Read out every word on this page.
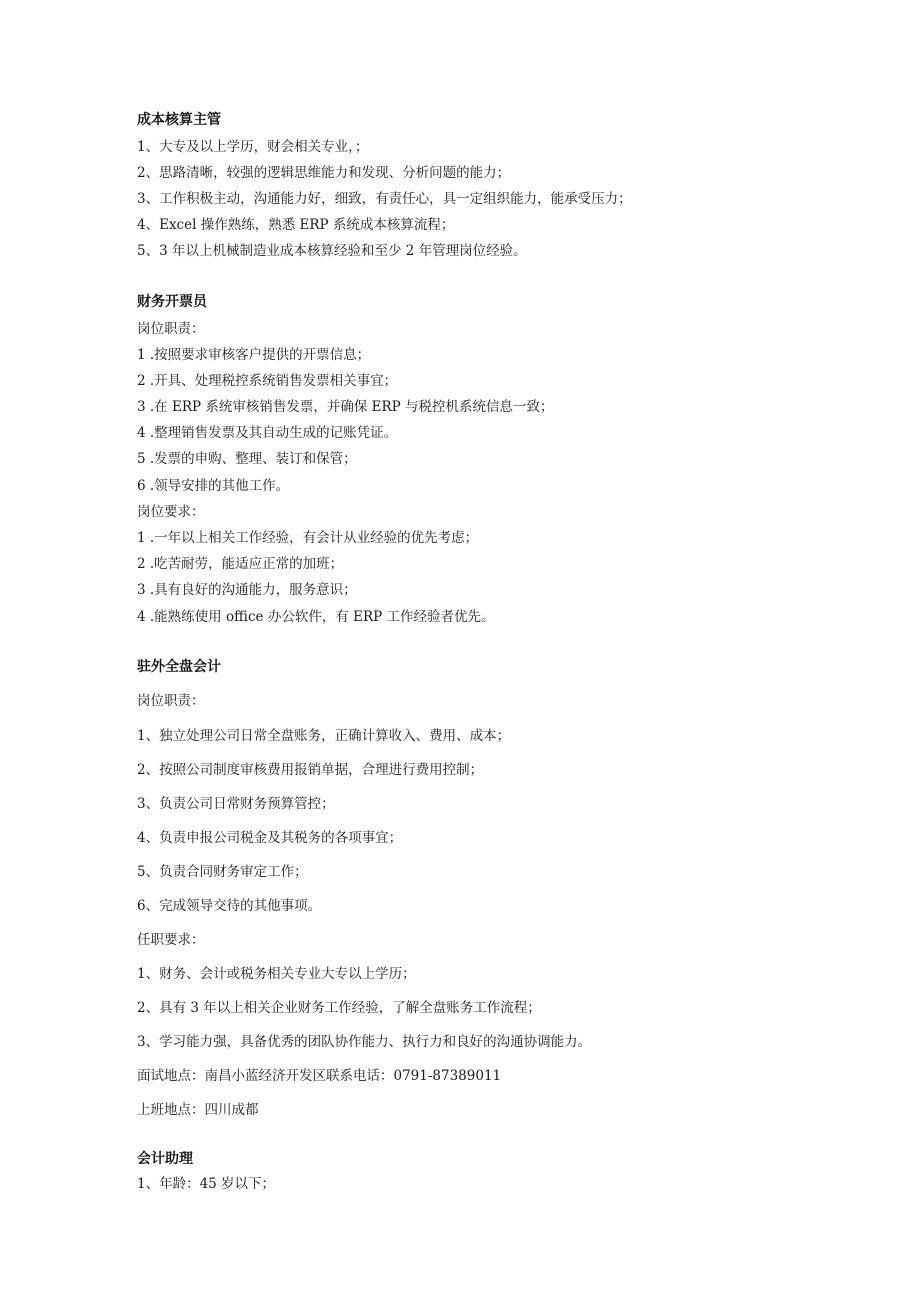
成本核算主管
1、大专及以上学历，财会相关专业，；
2、思路清晰，较强的逻辑思维能力和发现、分析问题的能力；
3、工作积极主动，沟通能力好，细致，有责任心，具一定组织能力，能承受压力；
4、Excel 操作熟练，熟悉 ERP 系统成本核算流程；
5、3 年以上机械制造业成本核算经验和至少 2 年管理岗位经验。
财务开票员
岗位职责：
1 .按照要求审核客户提供的开票信息；
2 .开具、处理税控系统销售发票相关事宜；
3 .在 ERP 系统审核销售发票，并确保 ERP 与税控机系统信息一致；
4 .整理销售发票及其自动生成的记账凭证。
5 .发票的申购、整理、装订和保管；
6 .领导安排的其他工作。
岗位要求：
1 .一年以上相关工作经验，有会计从业经验的优先考虑；
2 .吃苦耐劳，能适应正常的加班；
3 .具有良好的沟通能力，服务意识；
4 .能熟练使用 office 办公软件，有 ERP 工作经验者优先。
驻外全盘会计
岗位职责：
1、独立处理公司日常全盘账务，正确计算收入、费用、成本；
2、按照公司制度审核费用报销单据，合理进行费用控制；
3、负责公司日常财务预算管控；
4、负责申报公司税金及其税务的各项事宜；
5、负责合同财务审定工作；
6、完成领导交待的其他事项。
任职要求：
1、财务、会计或税务相关专业大专以上学历；
2、具有 3 年以上相关企业财务工作经验，了解全盘账务工作流程；
3、学习能力强，具备优秀的团队协作能力、执行力和良好的沟通协调能力。
面试地点：南昌小蓝经济开发区联系电话：0791-87389011
上班地点：四川成都
会计助理
1、年龄：45 岁以下；
